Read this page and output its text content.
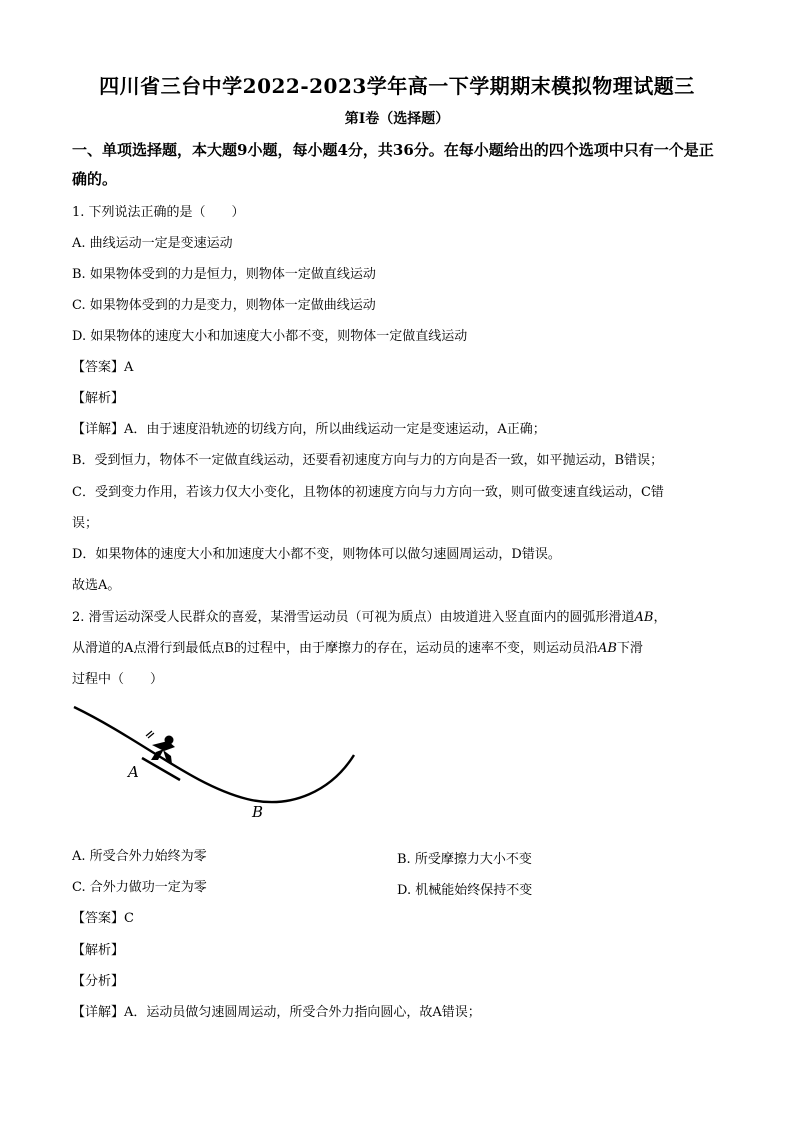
四川省三台中学2022-2023学年高一下学期期末模拟物理试题三
第I卷（选择题）
一、单项选择题，本大题9小题，每小题4分，共36分。在每小题给出的四个选项中只有一个是正确的。
1. 下列说法正确的是（　　）
A. 曲线运动一定是变速运动
B. 如果物体受到的力是恒力，则物体一定做直线运动
C. 如果物体受到的力是变力，则物体一定做曲线运动
D. 如果物体的速度大小和加速度大小都不变，则物体一定做直线运动
【答案】A
【解析】
【详解】A．由于速度沿轨迹的切线方向，所以曲线运动一定是变速运动，A正确；
B．受到恒力，物体不一定做直线运动，还要看初速度方向与力的方向是否一致，如平抛运动，B错误；
C．受到变力作用，若该力仅大小变化，且物体的初速度方向与力方向一致，则可做变速直线运动，C错
误；
D．如果物体的速度大小和加速度大小都不变，则物体可以做匀速圆周运动，D错误。
故选A。
2. 滑雪运动深受人民群众的喜爱，某滑雪运动员（可视为质点）由坡道进入竖直面内的圆弧形滑道AB，
从滑道的A点滑行到最低点B的过程中，由于摩擦力的存在，运动员的速率不变，则运动员沿AB下滑
过程中（　　）
A
B
A. 所受合外力始终为零	B. 所受摩擦力大小不变
C. 合外力做功一定为零	D. 机械能始终保持不变
【答案】C
【解析】
【分析】
【详解】A．运动员做匀速圆周运动，所受合外力指向圆心，故A错误；
